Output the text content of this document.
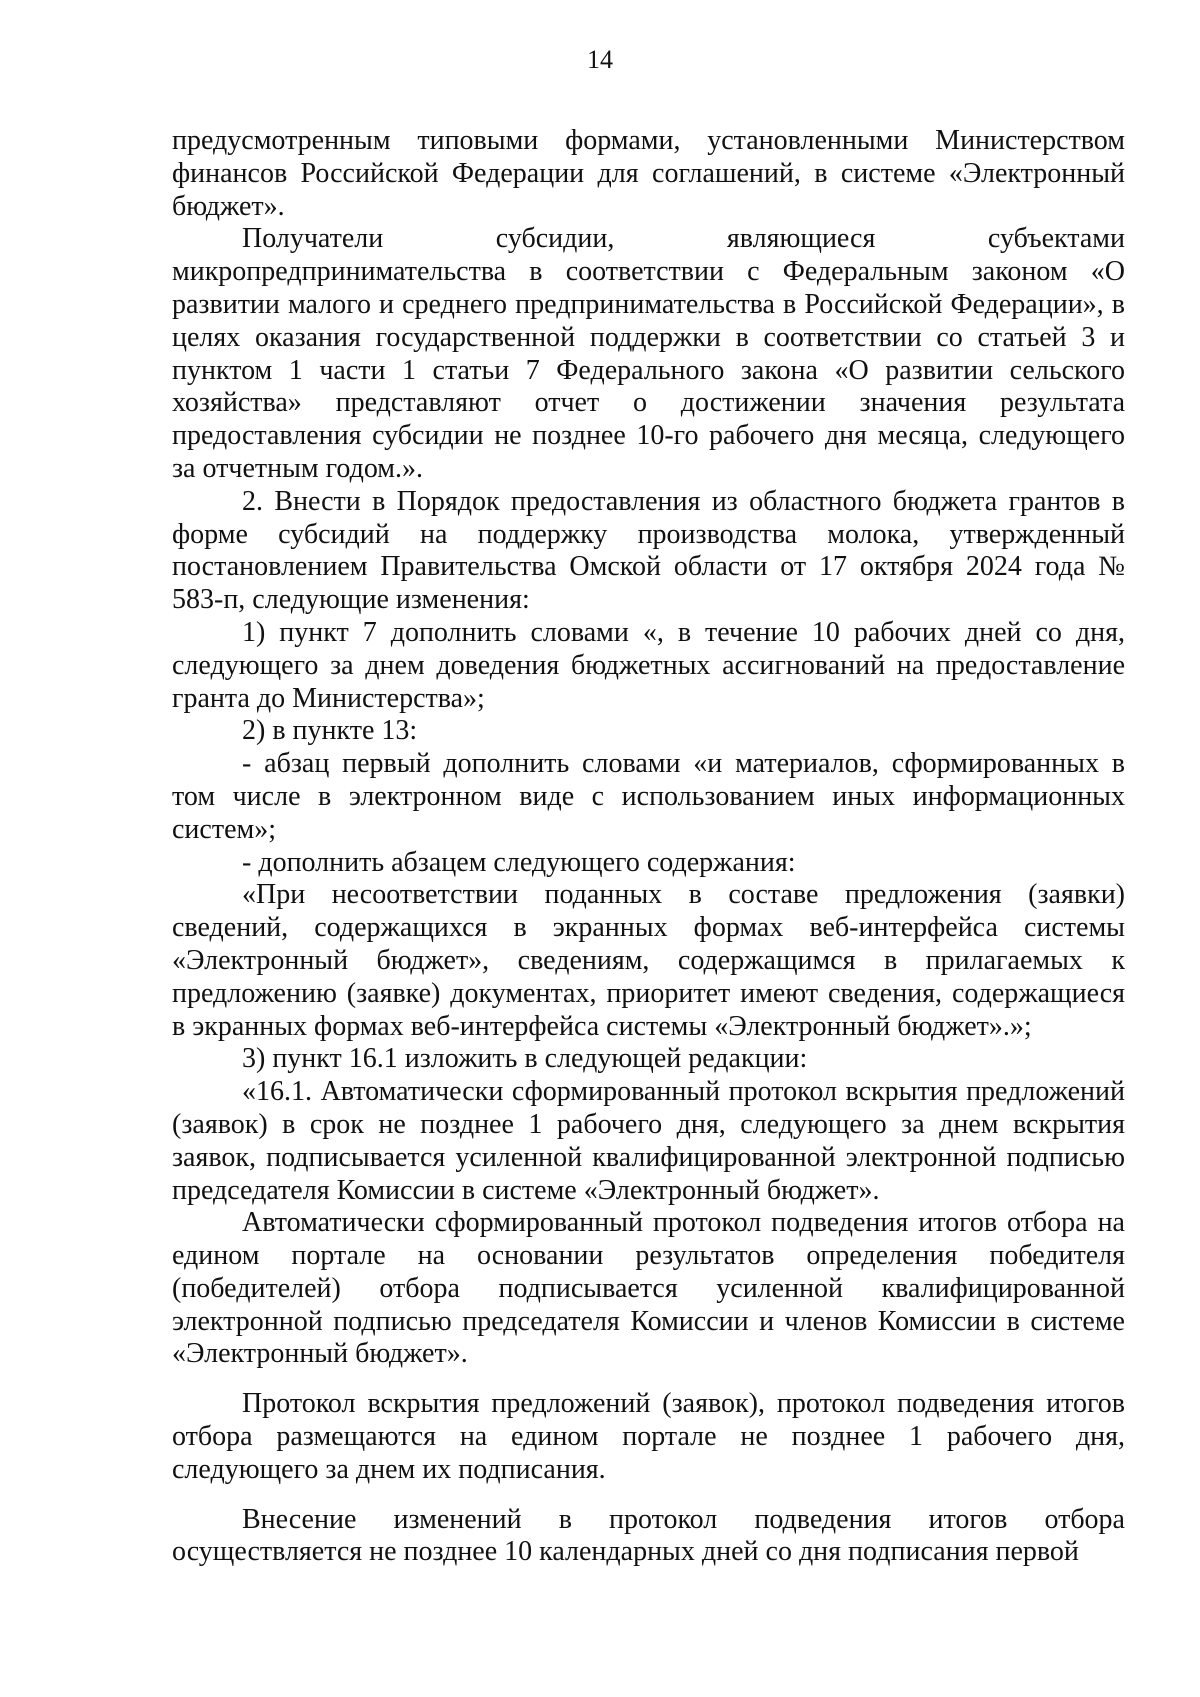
14

предусмотренным типовыми формами, установленными Министерством финансов Российской Федерации для соглашений, в системе «Электронный бюджет».

Получатели субсидии, являющиеся субъектами микропредпринимательства в соответствии с Федеральным законом «О развитии малого и среднего предпринимательства в Российской Федерации», в целях оказания государственной поддержки в соответствии со статьей 3 и пунктом 1 части 1 статьи 7 Федерального закона «О развитии сельского хозяйства» представляют отчет о достижении значения результата предоставления субсидии не позднее 10-го рабочего дня месяца, следующего за отчетным годом.».

2. Внести в Порядок предоставления из областного бюджета грантов в форме субсидий на поддержку производства молока, утвержденный постановлением Правительства Омской области от 17 октября 2024 года № 583-п, следующие изменения:

1) пункт 7 дополнить словами «, в течение 10 рабочих дней со дня, следующего за днем доведения бюджетных ассигнований на предоставление гранта до Министерства»;

2) в пункте 13:

- абзац первый дополнить словами «и материалов, сформированных в том числе в электронном виде с использованием иных информационных систем»;

- дополнить абзацем следующего содержания:

«При несоответствии поданных в составе предложения (заявки) сведений, содержащихся в экранных формах веб-интерфейса системы «Электронный бюджет», сведениям, содержащимся в прилагаемых к предложению (заявке) документах, приоритет имеют сведения, содержащиеся в экранных формах веб-интерфейса системы «Электронный бюджет».»;

3) пункт 16.1 изложить в следующей редакции:

«16.1. Автоматически сформированный протокол вскрытия предложений (заявок) в срок не позднее 1 рабочего дня, следующего за днем вскрытия заявок, подписывается усиленной квалифицированной электронной подписью председателя Комиссии в системе «Электронный бюджет».

Автоматически сформированный протокол подведения итогов отбора на едином портале на основании результатов определения победителя (победителей) отбора подписывается усиленной квалифицированной электронной подписью председателя Комиссии и членов Комиссии в системе «Электронный бюджет».

Протокол вскрытия предложений (заявок), протокол подведения итогов отбора размещаются на едином портале не позднее 1 рабочего дня, следующего за днем их подписания.

Внесение изменений в протокол подведения итогов отбора осуществляется не позднее 10 календарных дней со дня подписания первой
